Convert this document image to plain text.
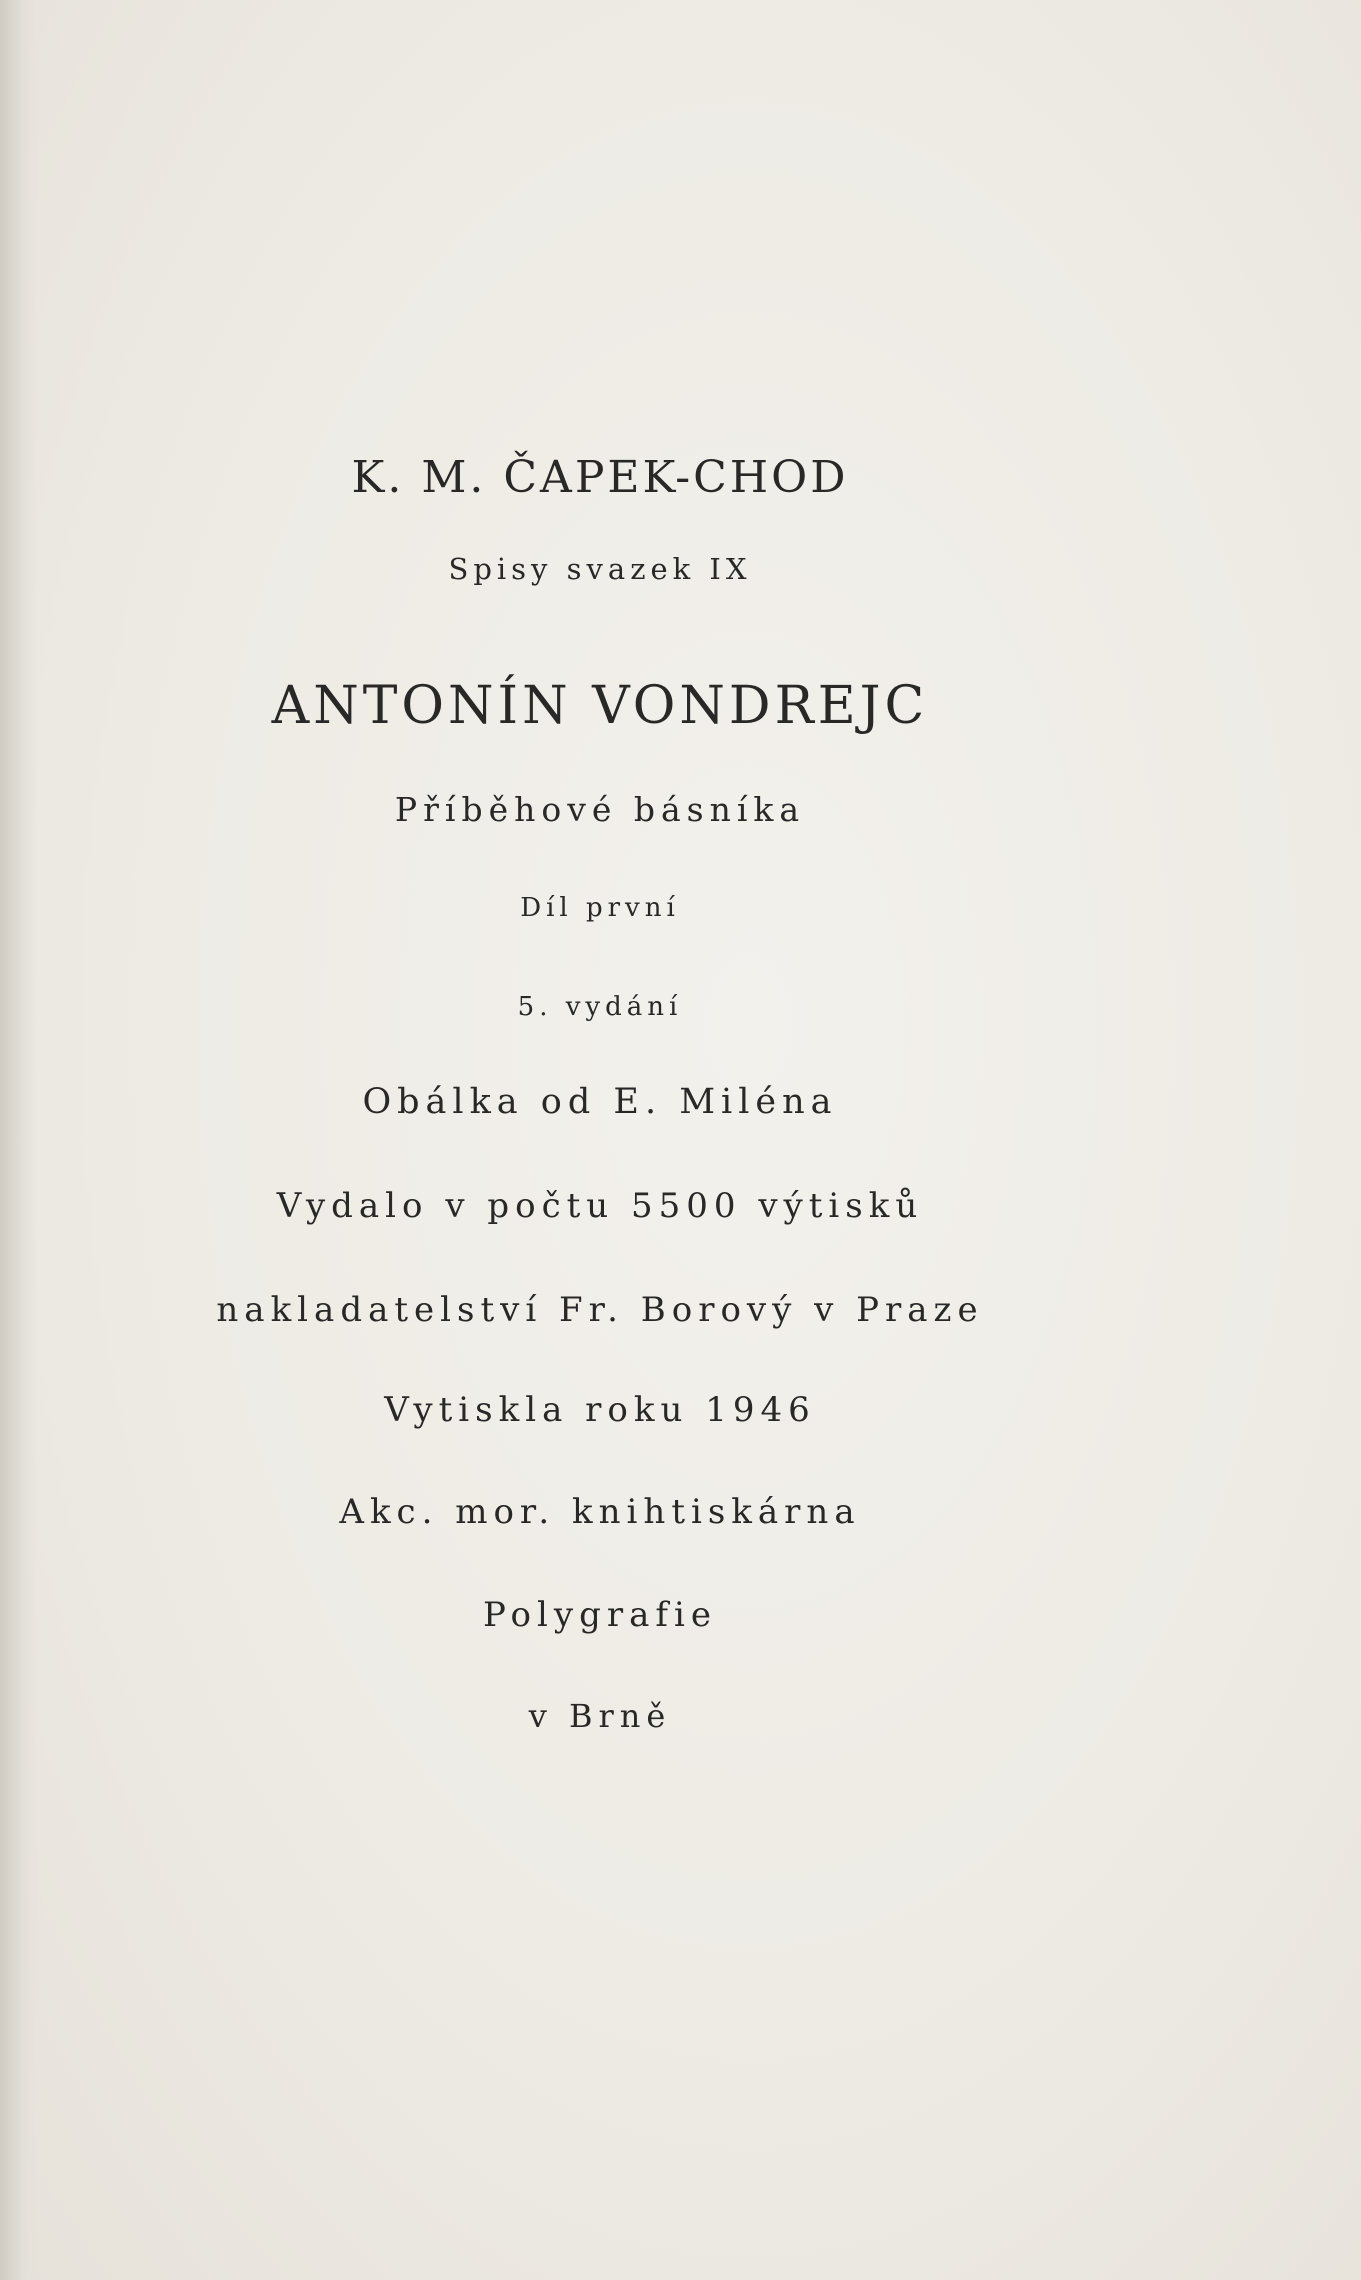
K. M. ČAPEK-CHOD
Spisy svazek IX
ANTONÍN VONDREJC
Příběhové básníka
Díl první
5. vydání
Obálka od E. Miléna
Vydalo v počtu 5500 výtisků
nakladatelství Fr. Borový v Praze
Vytiskla roku 1946
Akc. mor. knihtiskárna
Polygrafie
v Brně
